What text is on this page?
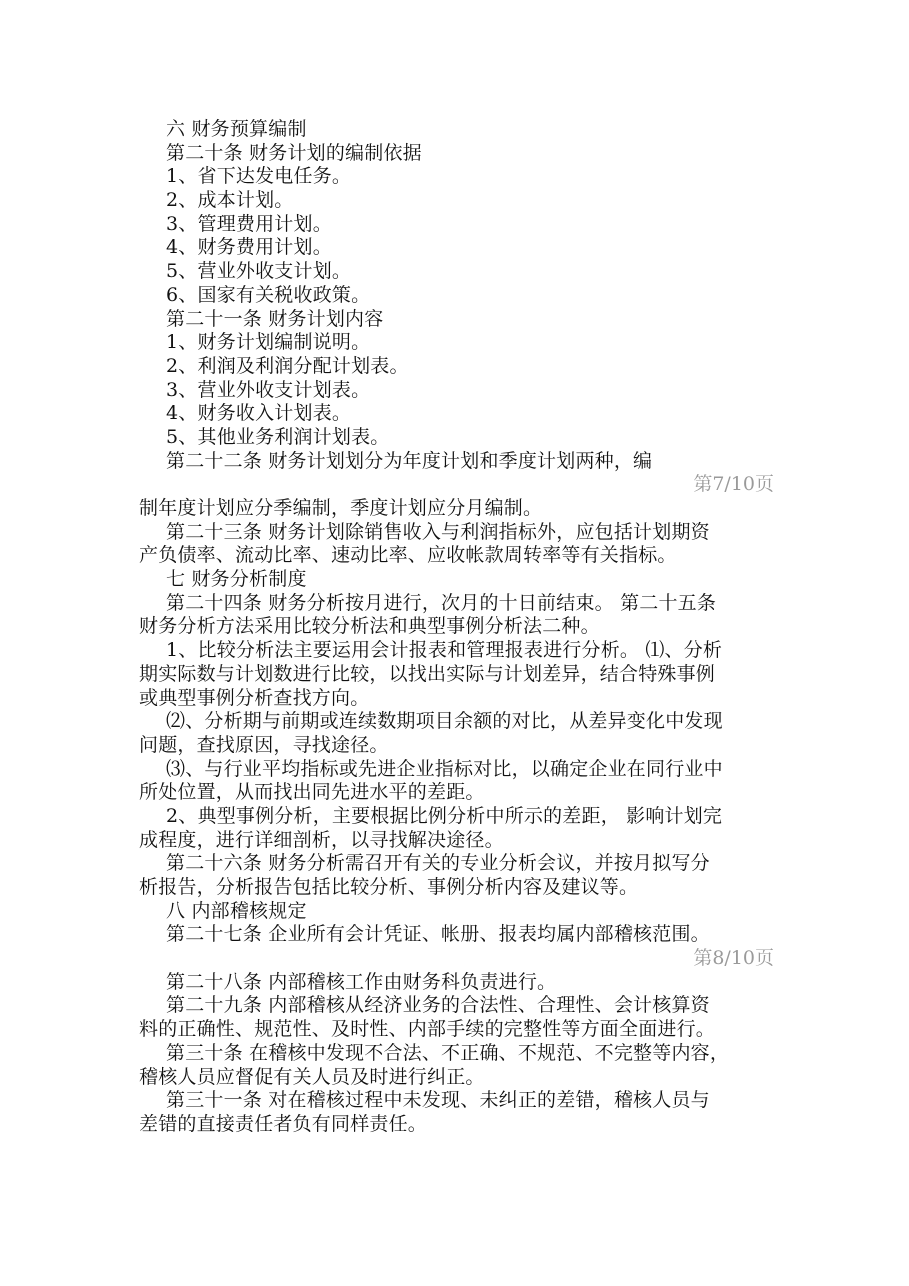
六 财务预算编制
第二十条 财务计划的编制依据
1、省下达发电任务。
2、成本计划。
3、管理费用计划。
4、财务费用计划。
5、营业外收支计划。
6、国家有关税收政策。
第二十一条 财务计划内容
1、财务计划编制说明。
2、利润及利润分配计划表。
3、营业外收支计划表。
4、财务收入计划表。
5、其他业务利润计划表。
第二十二条 财务计划划分为年度计划和季度计划两种，编
第7/10页
制年度计划应分季编制，季度计划应分月编制。
第二十三条 财务计划除销售收入与利润指标外，应包括计划期资
产负债率、流动比率、速动比率、应收帐款周转率等有关指标。
七 财务分析制度
第二十四条 财务分析按月进行，次月的十日前结束。 第二十五条
财务分析方法采用比较分析法和典型事例分析法二种。
1、比较分析法主要运用会计报表和管理报表进行分析。 ⑴、分析
期实际数与计划数进行比较，以找出实际与计划差异，结合特殊事例
或典型事例分析查找方向。
⑵、分析期与前期或连续数期项目余额的对比，从差异变化中发现
问题，查找原因，寻找途径。
⑶、与行业平均指标或先进企业指标对比，以确定企业在同行业中
所处位置，从而找出同先进水平的差距。
2、典型事例分析，主要根据比例分析中所示的差距， 影响计划完
成程度，进行详细剖析，以寻找解决途径。
第二十六条 财务分析需召开有关的专业分析会议，并按月拟写分
析报告，分析报告包括比较分析、事例分析内容及建议等。
八 内部稽核规定
第二十七条 企业所有会计凭证、帐册、报表均属内部稽核范围。
第8/10页
第二十八条 内部稽核工作由财务科负责进行。
第二十九条 内部稽核从经济业务的合法性、合理性、会计核算资
料的正确性、规范性、及时性、内部手续的完整性等方面全面进行。
第三十条 在稽核中发现不合法、不正确、不规范、不完整等内容，
稽核人员应督促有关人员及时进行纠正。
第三十一条 对在稽核过程中未发现、未纠正的差错，稽核人员与
差错的直接责任者负有同样责任。
